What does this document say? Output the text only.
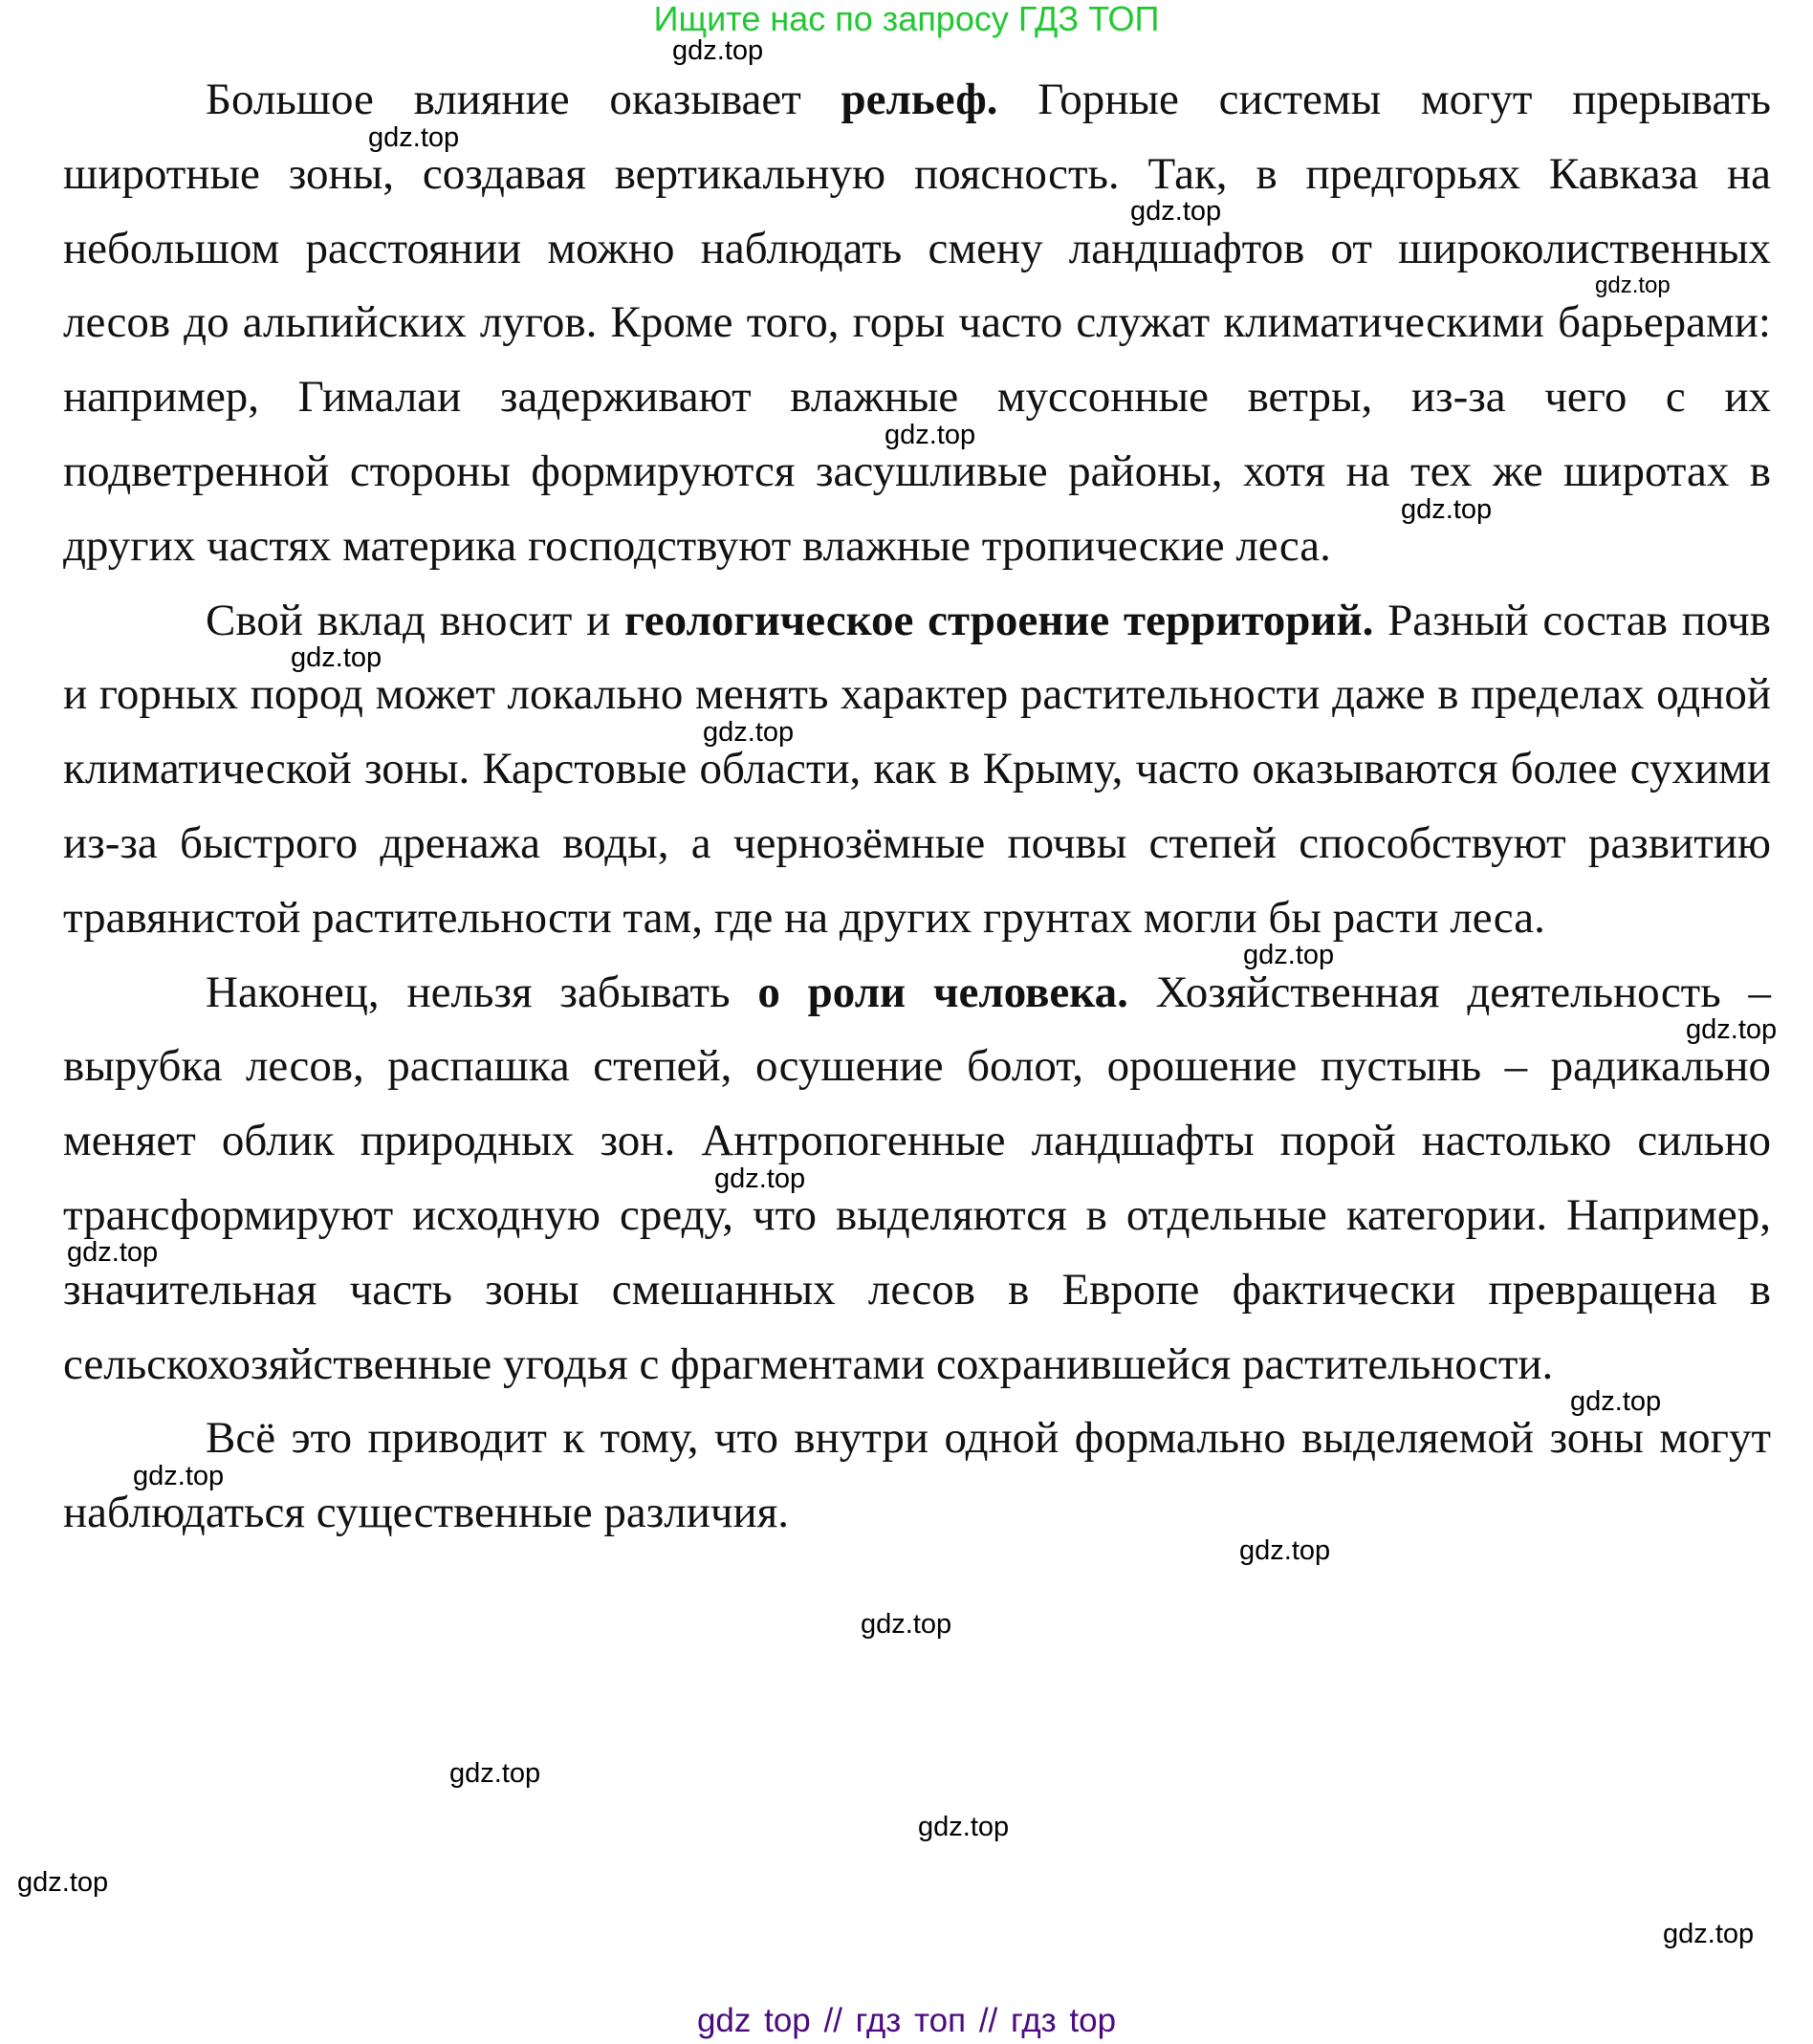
Ищите нас по запросу ГДЗ ТОП

Большое влияние оказывает рельеф. Горные системы могут прерывать широтные зоны, создавая вертикальную поясность. Так, в предгорьях Кавказа на небольшом расстоянии можно наблюдать смену ландшафтов от широколиственных лесов до альпийских лугов. Кроме того, горы часто служат климатическими барьерами: например, Гималаи задерживают влажные муссонные ветры, из-за чего с их подветренной стороны формируются засушливые районы, хотя на тех же широтах в других частях материка господствуют влажные тропические леса.

Свой вклад вносит и геологическое строение территорий. Разный состав почв и горных пород может локально менять характер растительности даже в пределах одной климатической зоны. Карстовые области, как в Крыму, часто оказываются более сухими из-за быстрого дренажа воды, а чернозёмные почвы степей способствуют развитию травянистой растительности там, где на других грунтах могли бы расти леса.

Наконец, нельзя забывать о роли человека. Хозяйственная деятельность – вырубка лесов, распашка степей, осушение болот, орошение пустынь – радикально меняет облик природных зон. Антропогенные ландшафты порой настолько сильно трансформируют исходную среду, что выделяются в отдельные категории. Например, значительная часть зоны смешанных лесов в Европе фактически превращена в сельскохозяйственные угодья с фрагментами сохранившейся растительности.

Всё это приводит к тому, что внутри одной формально выделяемой зоны могут наблюдаться существенные различия.

gdz.top
gdz.top
gdz.top
gdz.top
gdz.top
gdz.top
gdz.top
gdz.top
gdz.top
gdz.top
gdz.top
gdz.top
gdz.top
gdz.top
gdz.top
gdz.top
gdz.top
gdz.top
gdz.top
gdz.top
gdz top // гдз топ // гдз top
